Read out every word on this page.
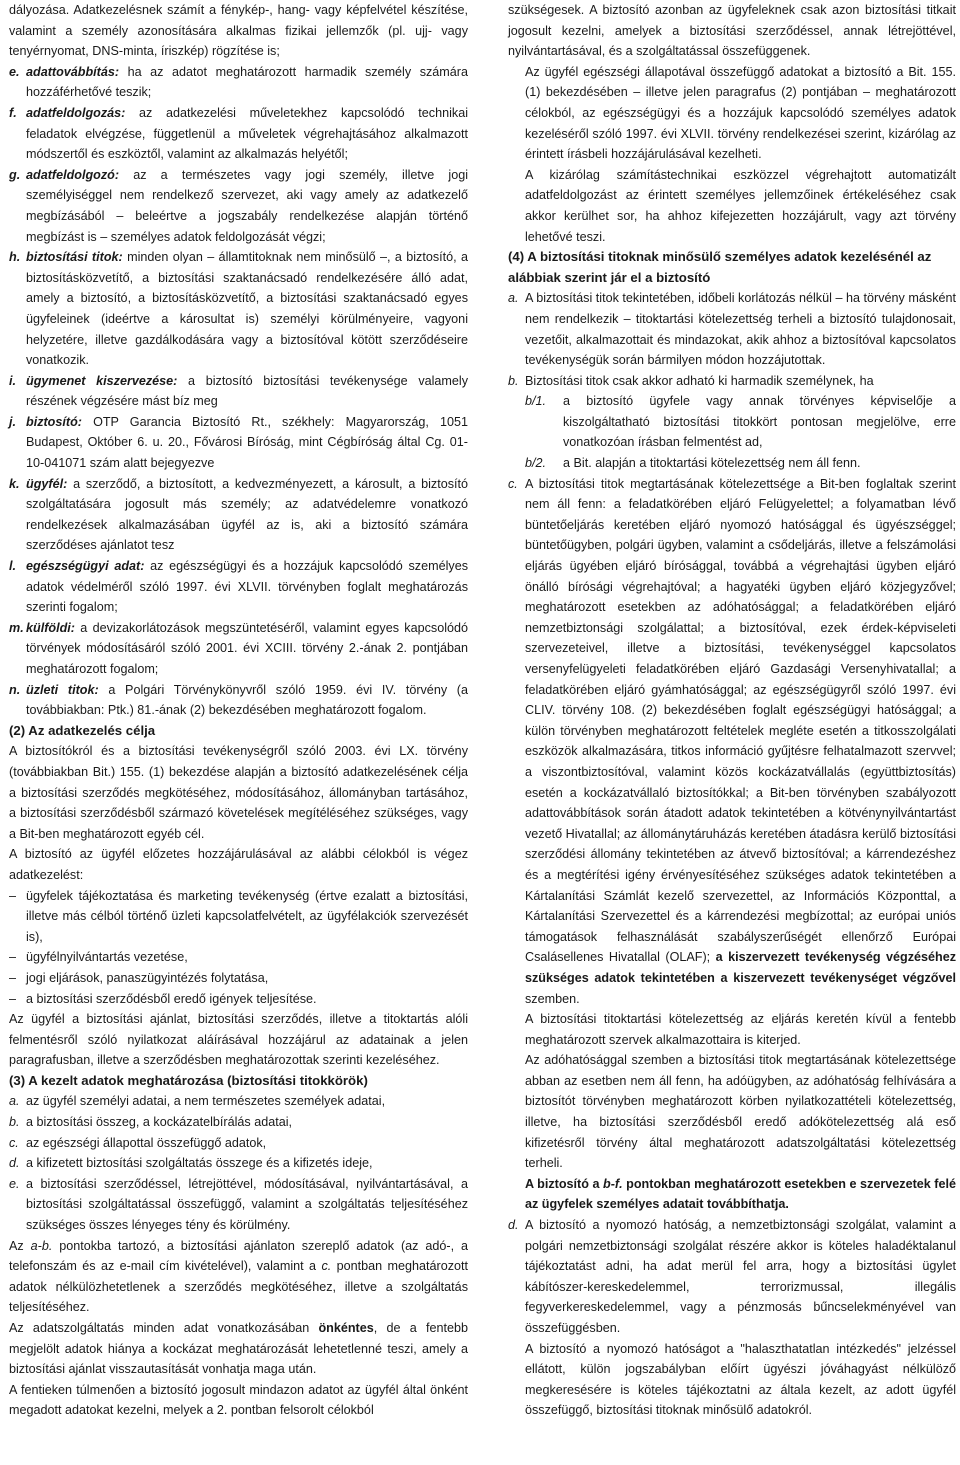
dályozása. Adatkezelésnek számít a fénykép-, hang- vagy képfelvétel készítése, valamint a személy azonosítására alkalmas fizikai jellemzők (pl. ujj- vagy tenyérnyomat, DNS-minta, íriszkép) rögzítése is;

e. adattovábbítás: ha az adatot meghatározott harmadik személy számára hozzáférhetővé teszik;
f. adatfeldolgozás: az adatkezelési műveletekhez kapcsolódó technikai feladatok elvégzése, függetlenül a műveletek végrehajtásához alkalmazott módszertől és eszköztől, valamint az alkalmazás helyétől;
g. adatfeldolgozó: az a természetes vagy jogi személy, illetve jogi személyiséggel nem rendelkező szervezet, aki vagy amely az adatkezelő megbízásából – beleértve a jogszabály rendelkezése alapján történő megbízást is – személyes adatok feldolgozását végzi;
h. biztosítási titok: minden olyan – államtitoknak nem minősülő –, a biztosító, a biztosításközvetítő, a biztosítási szaktanácsadó rendelkezésére álló adat, amely a biztosító, a biztosításközvetítő, a biztosítási szaktanácsadó egyes ügyfeleinek (ideértve a károsultat is) személyi körülményeire, vagyoni helyzetére, illetve gazdálkodására vagy a biztosítóval kötött szerződéseire vonatkozik.
i. ügymenet kiszervezése: a biztosító biztosítási tevékenysége valamely részének végzésére mást bíz meg
j. biztosító: OTP Garancia Biztosító Rt., székhely: Magyarország, 1051 Budapest, Október 6. u. 20., Fővárosi Bíróság, mint Cégbíróság által Cg. 01-10-041071 szám alatt bejegyezve
k. ügyfél: a szerződő, a biztosított, a kedvezményezett, a károsult, a biztosító szolgáltatására jogosult más személy; az adatvédelemre vonatkozó rendelkezések alkalmazásában ügyfél az is, aki a biztosító számára szerződéses ajánlatot tesz
l. egészségügyi adat: az egészségügyi és a hozzájuk kapcsolódó személyes adatok védelméről szóló 1997. évi XLVII. törvényben foglalt meghatározás szerinti fogalom;
m. külföldi: a devizakorlátozások megszüntetéséről, valamint egyes kapcsolódó törvények módosításáról szóló 2001. évi XCIII. törvény 2.-ának 2. pontjában meghatározott fogalom;
n. üzleti titok: a Polgári Törvénykönyvről szóló 1959. évi IV. törvény (a továbbiakban: Ptk.) 81.-ának (2) bekezdésében meghatározott fogalom.
(2) Az adatkezelés célja

A biztosítókról és a biztosítási tevékenységről szóló 2003. évi LX. törvény (továbbiakban Bit.) 155. (1) bekezdése alapján a biztosító adatkezelésének célja a biztosítási szerződés megkötéséhez, módosításához, állományban tartásához, a biztosítási szerződésből származó követelések megítéléséhez szükséges, vagy a Bit-ben meghatározott egyéb cél.

A biztosító az ügyfél előzetes hozzájárulásával az alábbi célokból is végez adatkezelést:

– ügyfelek tájékoztatása és marketing tevékenység (értve ezalatt a biztosítási, illetve más célból történő üzleti kapcsolatfelvételt, az ügyfélakciók szervezését is),
– ügyfélnyilvántartás vezetése,
– jogi eljárások, panaszügyintézés folytatása,
– a biztosítási szerződésből eredő igények teljesítése.

Az ügyfél a biztosítási ajánlat, biztosítási szerződés, illetve a titoktartás alóli felmentésről szóló nyilatkozat aláírásával hozzájárul az adatainak a jelen paragrafusban, illetve a szerződésben meghatározottak szerinti kezeléséhez.

(3) A kezelt adatok meghatározása (biztosítási titokkörök)
a. az ügyfél személyi adatai, a nem természetes személyek adatai,
b. a biztosítási összeg, a kockázatelbírálás adatai,
c. az egészségi állapottal összefüggő adatok,
d. a kifizetett biztosítási szolgáltatás összege és a kifizetés ideje,
e. a biztosítási szerződéssel, létrejöttével, módosításával, nyilvántartásával, a biztosítási szolgáltatással összefüggő, valamint a szolgáltatás teljesítéséhez szükséges összes lényeges tény és körülmény.

Az a-b. pontokba tartozó, a biztosítási ajánlaton szereplő adatok (az adó-, a telefonszám és az e-mail cím kivételével), valamint a c. pontban meghatározott adatok nélkülözhetetlenek a szerződés megkötéséhez, illetve a szolgáltatás teljesítéséhez.

Az adatszolgáltatás minden adat vonatkozásában önkéntes, de a fentebb megjelölt adatok hiánya a kockázat meghatározását lehetetlenné teszi, amely a biztosítási ajánlat visszautasítását vonhatja maga után.

A fentieken túlmenően a biztosító jogosult mindazon adatot az ügyfél által önként megadott adatokat kezelni, melyek a 2. pontban felsorolt célokból

szükségesek. A biztosító azonban az ügyfeleknek csak azon biztosítási titkait jogosult kezelni, amelyek a biztosítási szerződéssel, annak létrejöttével, nyilvántartásával, és a szolgáltatással összefüggenek.

Az ügyfél egészségi állapotával összefüggő adatokat a biztosító a Bit. 155. (1) bekezdésében – illetve jelen paragrafus (2) pontjában – meghatározott célokból, az egészségügyi és a hozzájuk kapcsolódó személyes adatok kezeléséről szóló 1997. évi XLVII. törvény rendelkezései szerint, kizárólag az érintett írásbeli hozzájárulásával kezelheti.

A kizárólag számítástechnikai eszközzel végrehajtott automatizált adatfeldolgozást az érintett személyes jellemzőinek értékeléséhez csak akkor kerülhet sor, ha ahhoz kifejezetten hozzájárult, vagy azt törvény lehetővé teszi.

(4) A biztosítási titoknak minősülő személyes adatok kezelésénél az alábbiak szerint jár el a biztosító
a. A biztosítási titok tekintetében, időbeli korlátozás nélkül – ha törvény másként nem rendelkezik – titoktartási kötelezettség terheli a biztosító tulajdonosait, vezetőit, alkalmazottait és mindazokat, akik ahhoz a biztosítóval kapcsolatos tevékenységük során bármilyen módon hozzájutottak.
b. Biztosítási titok csak akkor adható ki harmadik személynek, ha
b/1.	a biztosító ügyfele vagy annak törvényes képviselője a kiszolgáltatható biztosítási titokkört pontosan megjelölve, erre vonatkozóan írásban felmentést ad,
b/2.	a Bit. alapján a titoktartási kötelezettség nem áll fenn.
c. A biztosítási titok megtartásának kötelezettsége a Bit-ben foglaltak szerint nem áll fenn: a feladatkörében eljáró Felügyelettel; a folyamatban lévő büntetőeljárás keretében eljáró nyomozó hatósággal és ügyészséggel; büntetőügyben, polgári ügyben, valamint a csődeljárás, illetve a felszámolási eljárás ügyében eljáró bírósággal, továbbá a végrehajtási ügyben eljáró önálló bírósági végrehajtóval; a hagyatéki ügyben eljáró közjegyzővel; meghatározott esetekben az adóhatósággal; a feladatkörében eljáró nemzetbiztonsági szolgálattal; a biztosítóval, ezek érdek-képviseleti szervezeteivel, illetve a biztosítási, tevékenységgel kapcsolatos versenyfelügyeleti feladatkörében eljáró Gazdasági Versenyhivatallal; a feladatkörében eljáró gyámhatósággal; az egészségügyről szóló 1997. évi CLIV. törvény 108. (2) bekezdésében foglalt egészségügyi hatósággal; a külön törvényben meghatározott feltételek megléte esetén a titkosszolgálati eszközök alkalmazására, titkos információ gyűjtésre felhatalmazott szervvel; a viszontbiztosítóval, valamint közös kockázatvállalás (együttbiztosítás) esetén a kockázatvállaló biztosítókkal; a Bit-ben törvényben szabályozott adattovábbítások során átadott adatok tekintetében a kötvénynyilvántartást vezető Hivatallal; az állománytáruházás keretében átadásra kerülő biztosítási szerződési állomány tekintetében az átvevő biztosítóval; a kárrendezéshez és a megtérítési igény érvényesítéséhez szükséges adatok tekintetében a Kártalanítási Számlát kezelő szervezettel, az Információs Központtal, a Kártalanítási Szervezettel és a kárrendezési megbízottal; az európai uniós támogatások felhasználását szabályszerűségét ellenőrző Európai Csalásellenes Hivatallal (OLAF); a kiszervezett tevékenység végzéséhez szükséges adatok tekintetében a kiszervezett tevékenységet végzővel szemben.

A biztosítási titoktartási kötelezettség az eljárás keretén kívül a fentebb meghatározott szervek alkalmazottaira is kiterjed.

Az adóhatósággal szemben a biztosítási titok megtartásának kötelezettsége abban az esetben nem áll fenn, ha adóügyben, az adóhatóság felhívására a biztosítót törvényben meghatározott körben nyilatkozattételi kötelezettség, illetve, ha biztosítási szerződésből eredő adókötelezettség alá eső kifizetésről törvény által meghatározott adatszolgáltatási kötelezettség terheli.

A biztosító a b-f. pontokban meghatározott esetekben e szervezetek felé az ügyfelek személyes adatait továbbíthatja.

d. A biztosító a nyomozó hatóság, a nemzetbiztonsági szolgálat, valamint a polgári nemzetbiztonsági szolgálat részére akkor is köteles haladéktalanul tájékoztatást adni, ha adat merül fel arra, hogy a biztosítási ügylet kábítószer-kereskedelemmel, terrorizmussal, illegális fegyverkereskedelemmel, vagy a pénzmosás bűncselekményével van összefüggésben.

A biztosító a nyomozó hatóságot a "halaszthatatlan intézkedés" jelzéssel ellátott, külön jogszabályban előírt ügyészi jóváhagyást nélkülöző megkeresésére is köteles tájékoztatni az általa kezelt, az adott ügyfél összefüggő, biztosítási titoknak minősülő adatokról.
